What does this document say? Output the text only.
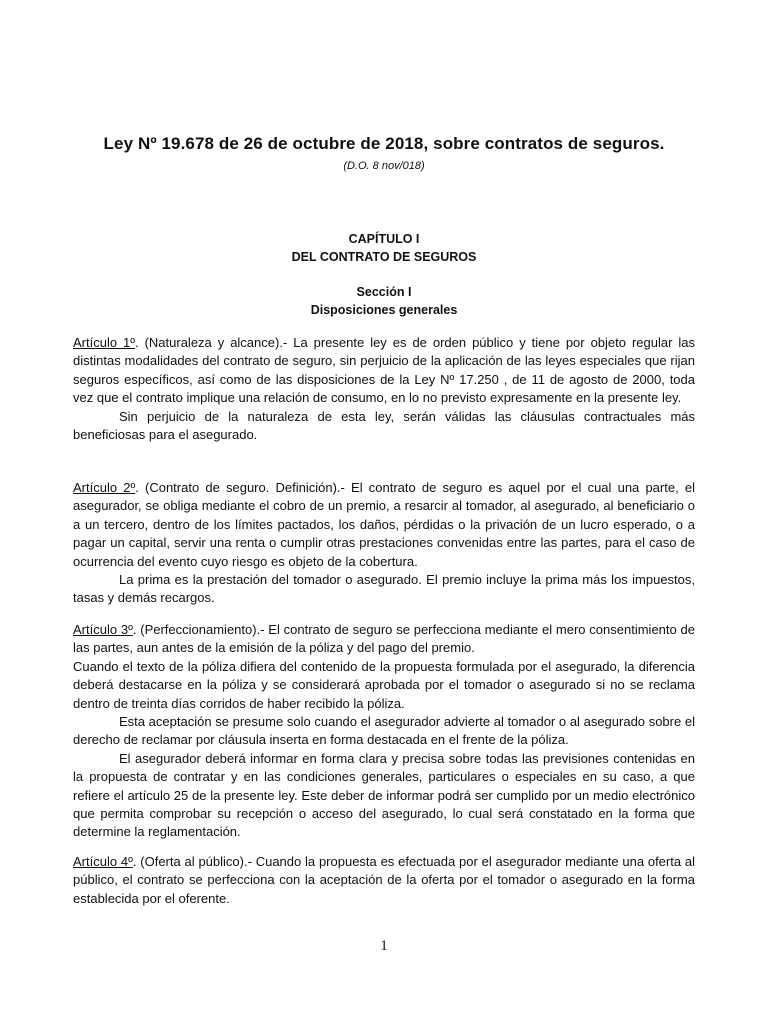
Ley Nº 19.678 de 26 de octubre de 2018, sobre contratos de seguros.
(D.O. 8 nov/018)
CAPÍTULO I
DEL CONTRATO DE SEGUROS
Sección I
Disposiciones generales

Artículo 1º. (Naturaleza y alcance).- La presente ley es de orden público y tiene por objeto regular las distintas modalidades del contrato de seguro, sin perjuicio de la aplicación de las leyes especiales que rijan seguros específicos, así como de las disposiciones de la Ley Nº 17.250 , de 11 de agosto de 2000, toda vez que el contrato implique una relación de consumo, en lo no previsto expresamente en la presente ley.

Sin perjuicio de la naturaleza de esta ley, serán válidas las cláusulas contractuales más beneficiosas para el asegurado.

Artículo 2º. (Contrato de seguro. Definición).- El contrato de seguro es aquel por el cual una parte, el asegurador, se obliga mediante el cobro de un premio, a resarcir al tomador, al asegurado, al beneficiario o a un tercero, dentro de los límites pactados, los daños, pérdidas o la privación de un lucro esperado, o a pagar un capital, servir una renta o cumplir otras prestaciones convenidas entre las partes, para el caso de ocurrencia del evento cuyo riesgo es objeto de la cobertura.

La prima es la prestación del tomador o asegurado. El premio incluye la prima más los impuestos, tasas y demás recargos.

Artículo 3º. (Perfeccionamiento).- El contrato de seguro se perfecciona mediante el mero consentimiento de las partes, aun antes de la emisión de la póliza y del pago del premio.

Cuando el texto de la póliza difiera del contenido de la propuesta formulada por el asegurado, la diferencia deberá destacarse en la póliza y se considerará aprobada por el tomador o asegurado si no se reclama dentro de treinta días corridos de haber recibido la póliza.

Esta aceptación se presume solo cuando el asegurador advierte al tomador o al asegurado sobre el derecho de reclamar por cláusula inserta en forma destacada en el frente de la póliza.

El asegurador deberá informar en forma clara y precisa sobre todas las previsiones contenidas en la propuesta de contratar y en las condiciones generales, particulares o especiales en su caso, a que refiere el artículo 25 de la presente ley. Este deber de informar podrá ser cumplido por un medio electrónico que permita comprobar su recepción o acceso del asegurado, lo cual será constatado en la forma que determine la reglamentación.

Artículo 4º. (Oferta al público).- Cuando la propuesta es efectuada por el asegurador mediante una oferta al público, el contrato se perfecciona con la aceptación de la oferta por el tomador o asegurado en la forma establecida por el oferente.

1
